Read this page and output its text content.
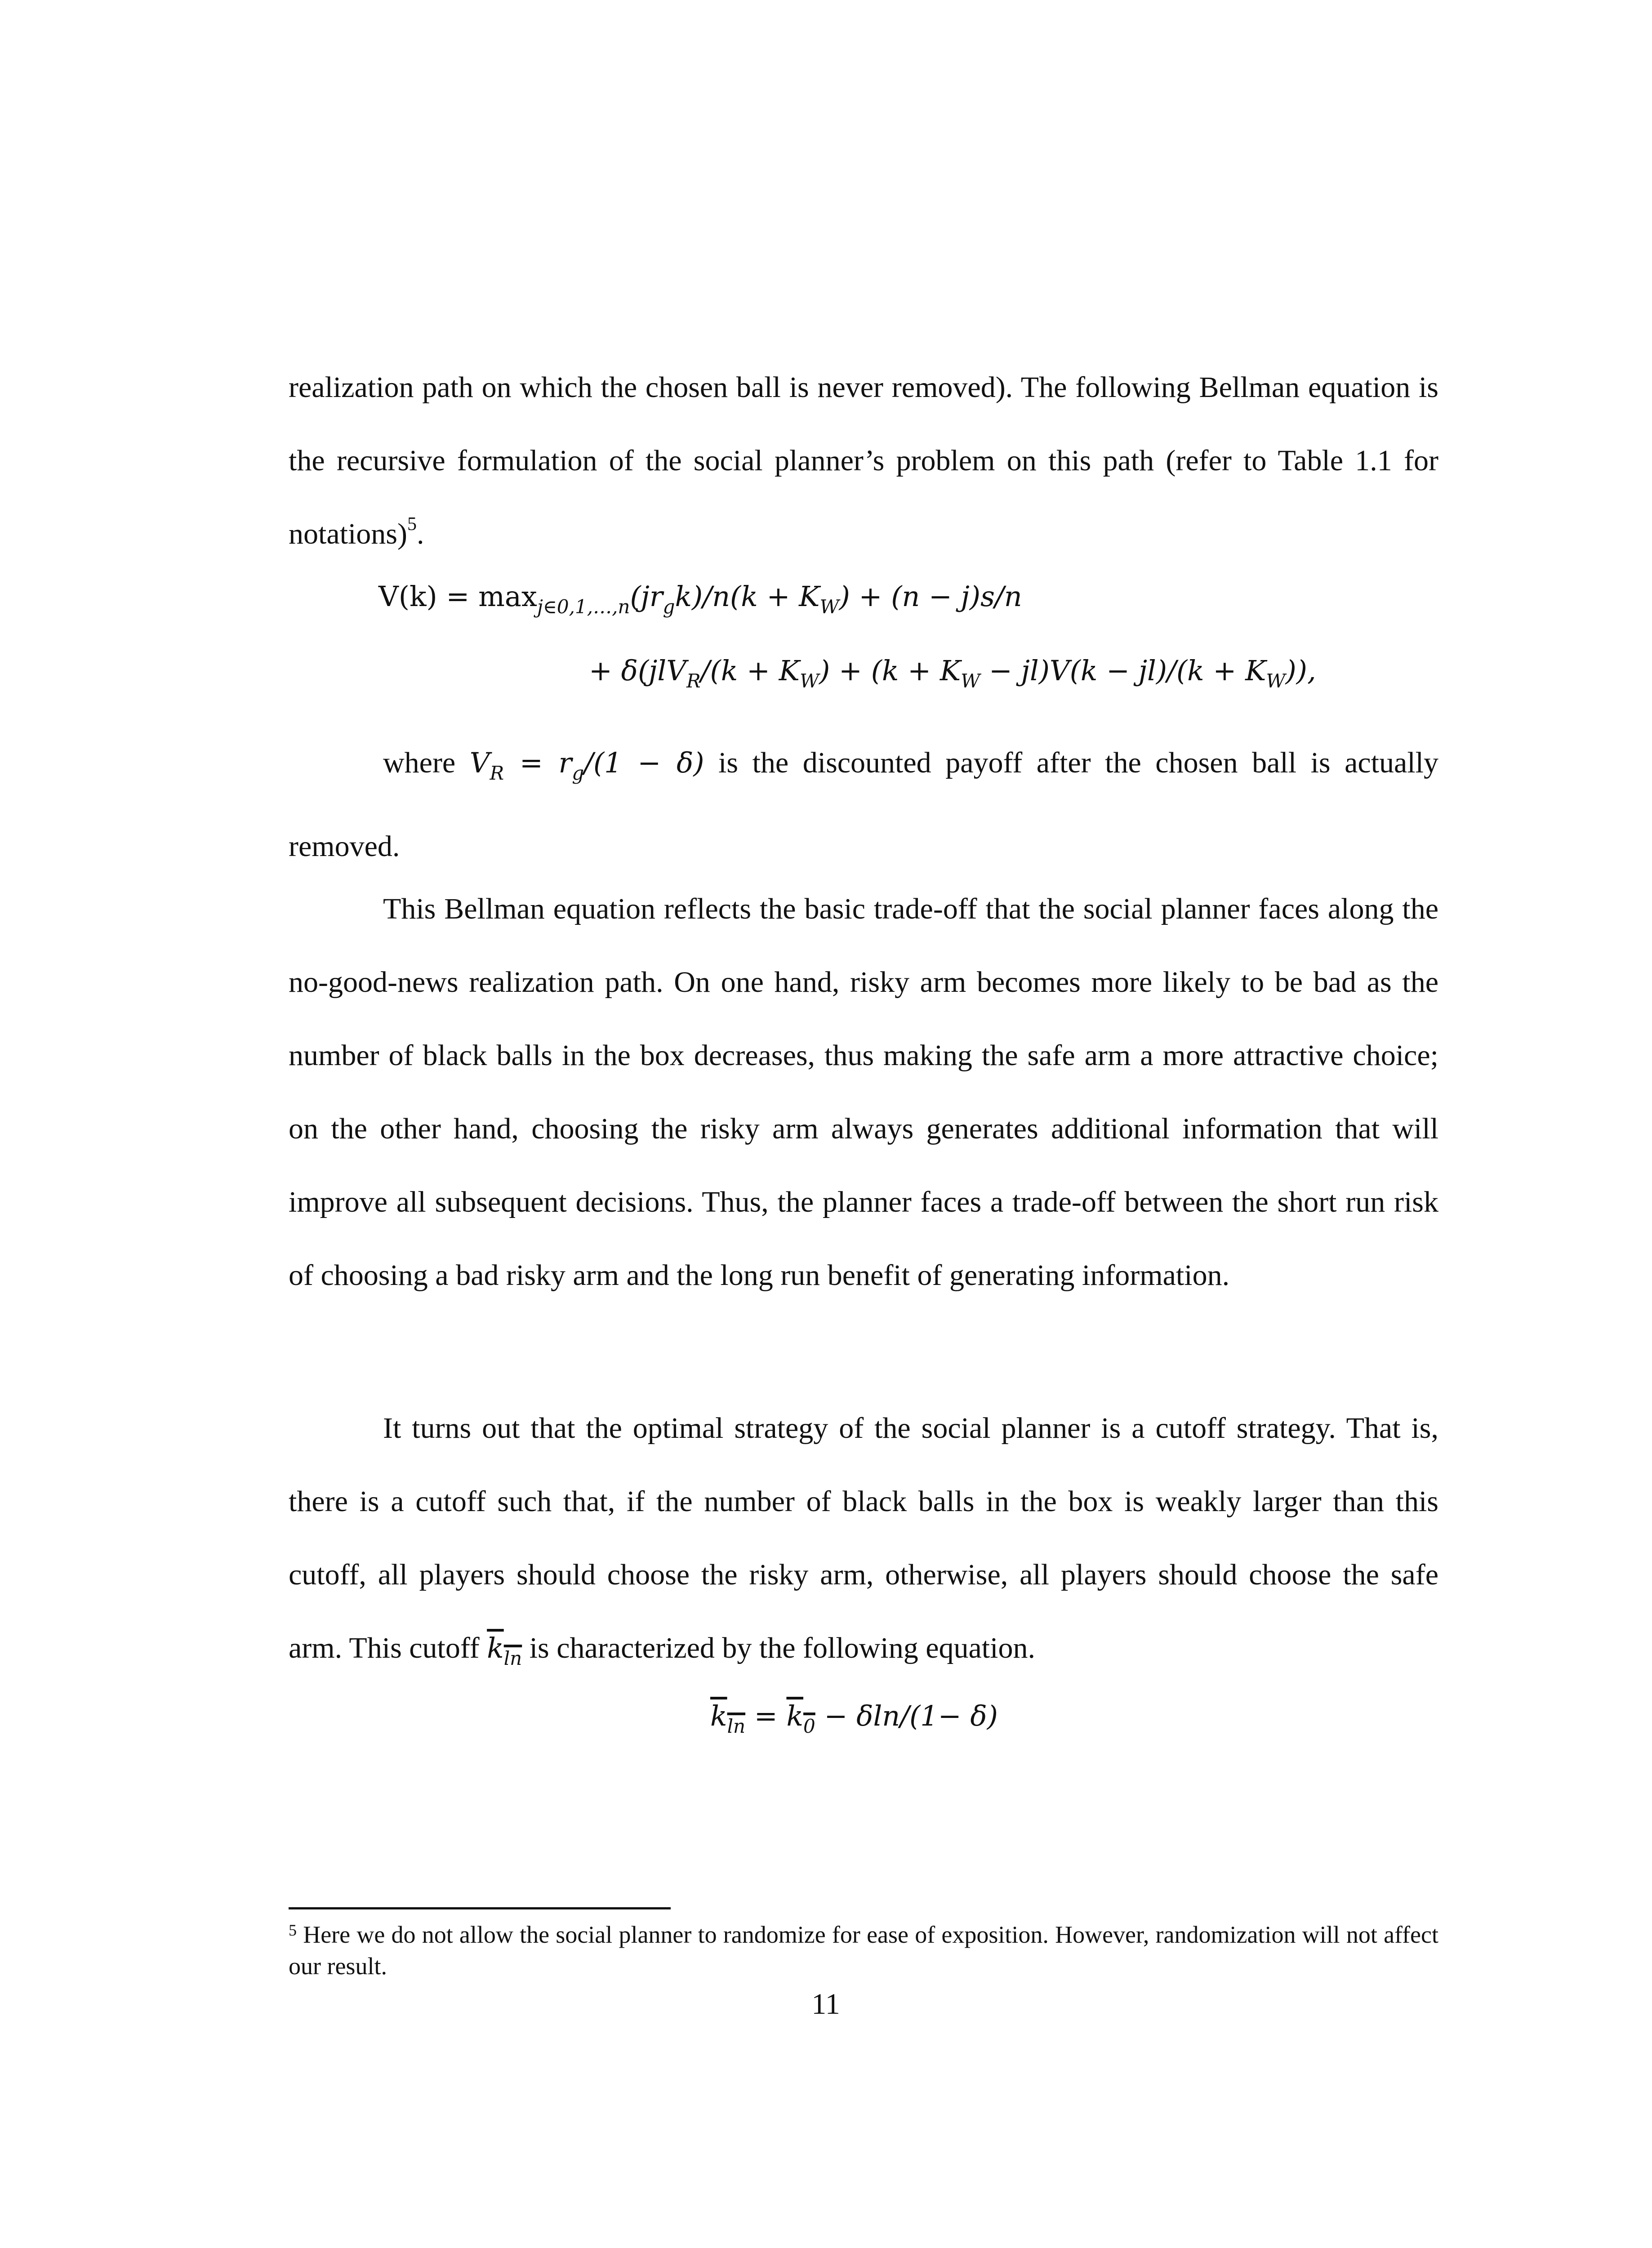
realization path on which the chosen ball is never removed). The following Bellman equation is the recursive formulation of the social planner’s problem on this path (refer to Table 1.1 for notations)$^5$.

$V(k) = \max_{j\in 0,1,\dots,n}(jr_gk)/n(k + K_W) + (n - j)s/n$
+ $\delta(jlV_R/(k + K_W) + (k + K_W - jl)V(k - jl)/(k + K_W))$,

where $V_R = r_g/(1 - \delta)$ is the discounted payoff after the chosen ball is actually removed.

This Bellman equation reflects the basic trade-off that the social planner faces along the no-good-news realization path. On one hand, risky arm becomes more likely to be bad as the number of black balls in the box decreases, thus making the safe arm a more attractive choice; on the other hand, choosing the risky arm always generates additional information that will improve all subsequent decisions. Thus, the planner faces a trade-off between the short run risk of choosing a bad risky arm and the long run benefit of generating information.

It turns out that the optimal strategy of the social planner is a cutoff strategy. That is, there is a cutoff such that, if the number of black balls in the box is weakly larger than this cutoff, all players should choose the risky arm, otherwise, all players should choose the safe arm. This cutoff $k_{ln}$ is characterized by the following equation.

$k_{ln} = k_0 - \delta\ln/(1- \delta)$
$^5$ Here we do not allow the social planner to randomize for ease of exposition. However, randomization will not affect our result.
11
